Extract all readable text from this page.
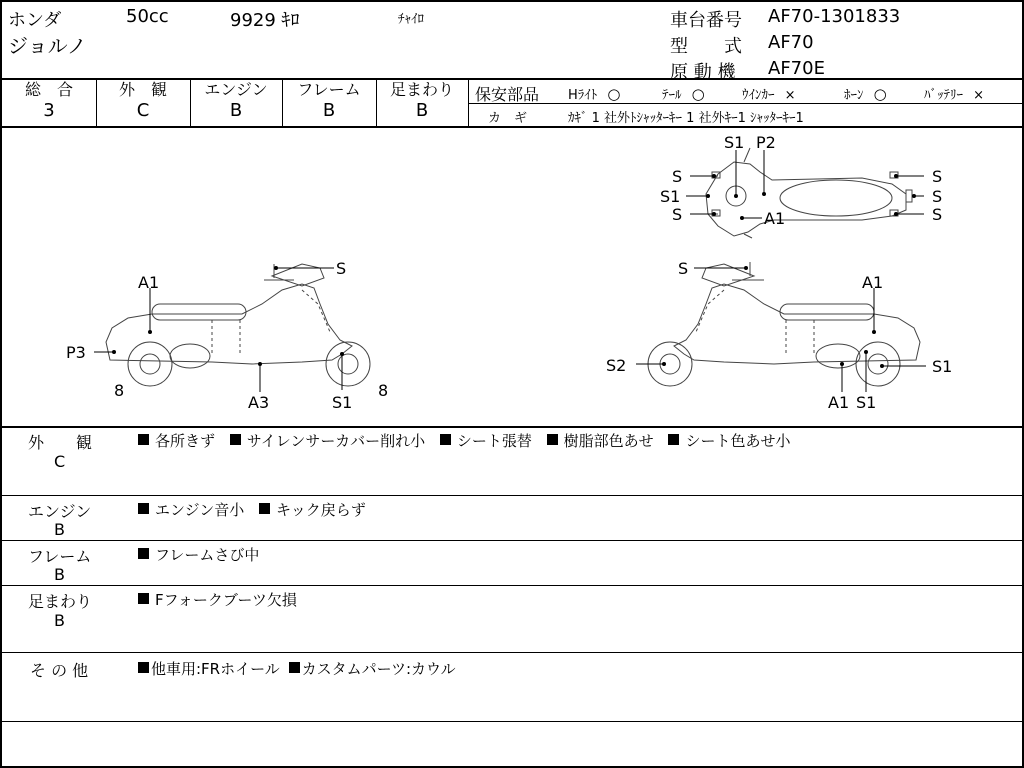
ホンダ	50cc	9929 ｷﾛ	ﾁｬｲﾛ
ジョルノ
車台番号 AF70-1301833
型　　式 AF70
原 動 機 AF70E
総　合
3
外　観
C
エンジン
B
フレーム
B
足まわり
B
保安部品 Hﾗｲﾄ ○	ﾃｰﾙ ○	ｳｲﾝｶｰ ×	ﾎｰﾝ ○	ﾊﾞｯﾃﾘｰ ×
カ　ギ	ｶｷﾞ 1 社外ﾄｼｬｯﾀｰｷｰ 1 社外ｷｰ1 ｼｬｯﾀｰｷｰ1
S1 P2
S
S1
S	A1
S
S
S
S
A1
P3
8
A3	S1
8
S
A1
S2
A1 S1
S1
外　　観
C
各所きず サイレンサーカバー削れ小 シート張替 樹脂部色あせ シート色あせ小
エンジン
B
エンジン音小 キック戻らず
フレーム
B
フレームさび中
足まわり
B
Fフォークブーツ欠損
そ の 他	他車用:FRホイール カスタムパーツ:カウル
